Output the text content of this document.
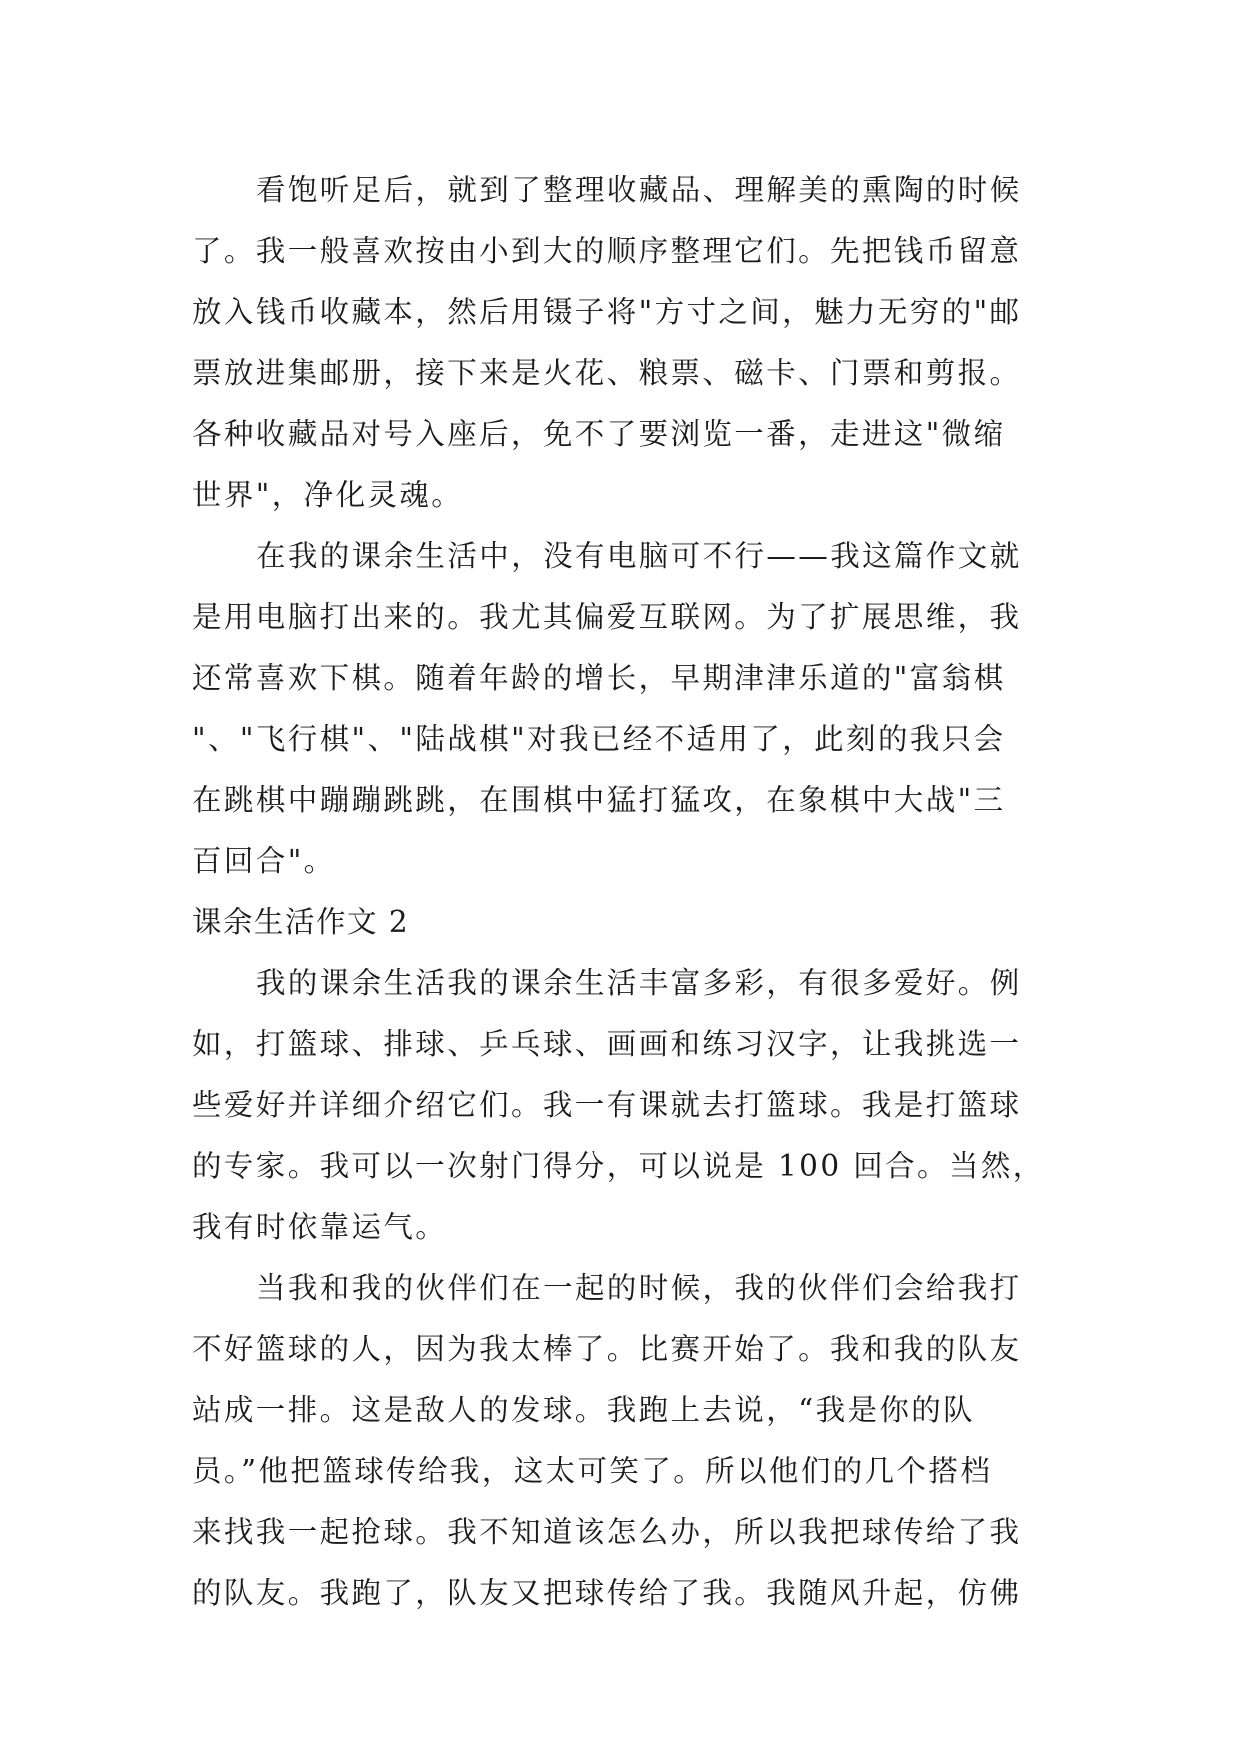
看饱听足后，就到了整理收藏品、理解美的熏陶的时候
了。我一般喜欢按由小到大的顺序整理它们。先把钱币留意
放入钱币收藏本，然后用镊子将"方寸之间，魅力无穷的"邮
票放进集邮册，接下来是火花、粮票、磁卡、门票和剪报。
各种收藏品对号入座后，免不了要浏览一番，走进这"微缩
世界"，净化灵魂。
在我的课余生活中，没有电脑可不行——我这篇作文就
是用电脑打出来的。我尤其偏爱互联网。为了扩展思维，我
还常喜欢下棋。随着年龄的增长，早期津津乐道的"富翁棋
"、"飞行棋"、"陆战棋"对我已经不适用了，此刻的我只会
在跳棋中蹦蹦跳跳，在围棋中猛打猛攻，在象棋中大战"三
百回合"。
课余生活作文 2
我的课余生活我的课余生活丰富多彩，有很多爱好。例
如，打篮球、排球、乒乓球、画画和练习汉字，让我挑选一
些爱好并详细介绍它们。我一有课就去打篮球。我是打篮球
的专家。我可以一次射门得分，可以说是 100 回合。当然，
我有时依靠运气。
当我和我的伙伴们在一起的时候，我的伙伴们会给我打
不好篮球的人，因为我太棒了。比赛开始了。我和我的队友
站成一排。这是敌人的发球。我跑上去说，“我是你的队
员。”他把篮球传给我，这太可笑了。所以他们的几个搭档
来找我一起抢球。我不知道该怎么办，所以我把球传给了我
的队友。我跑了，队友又把球传给了我。我随风升起，仿佛
